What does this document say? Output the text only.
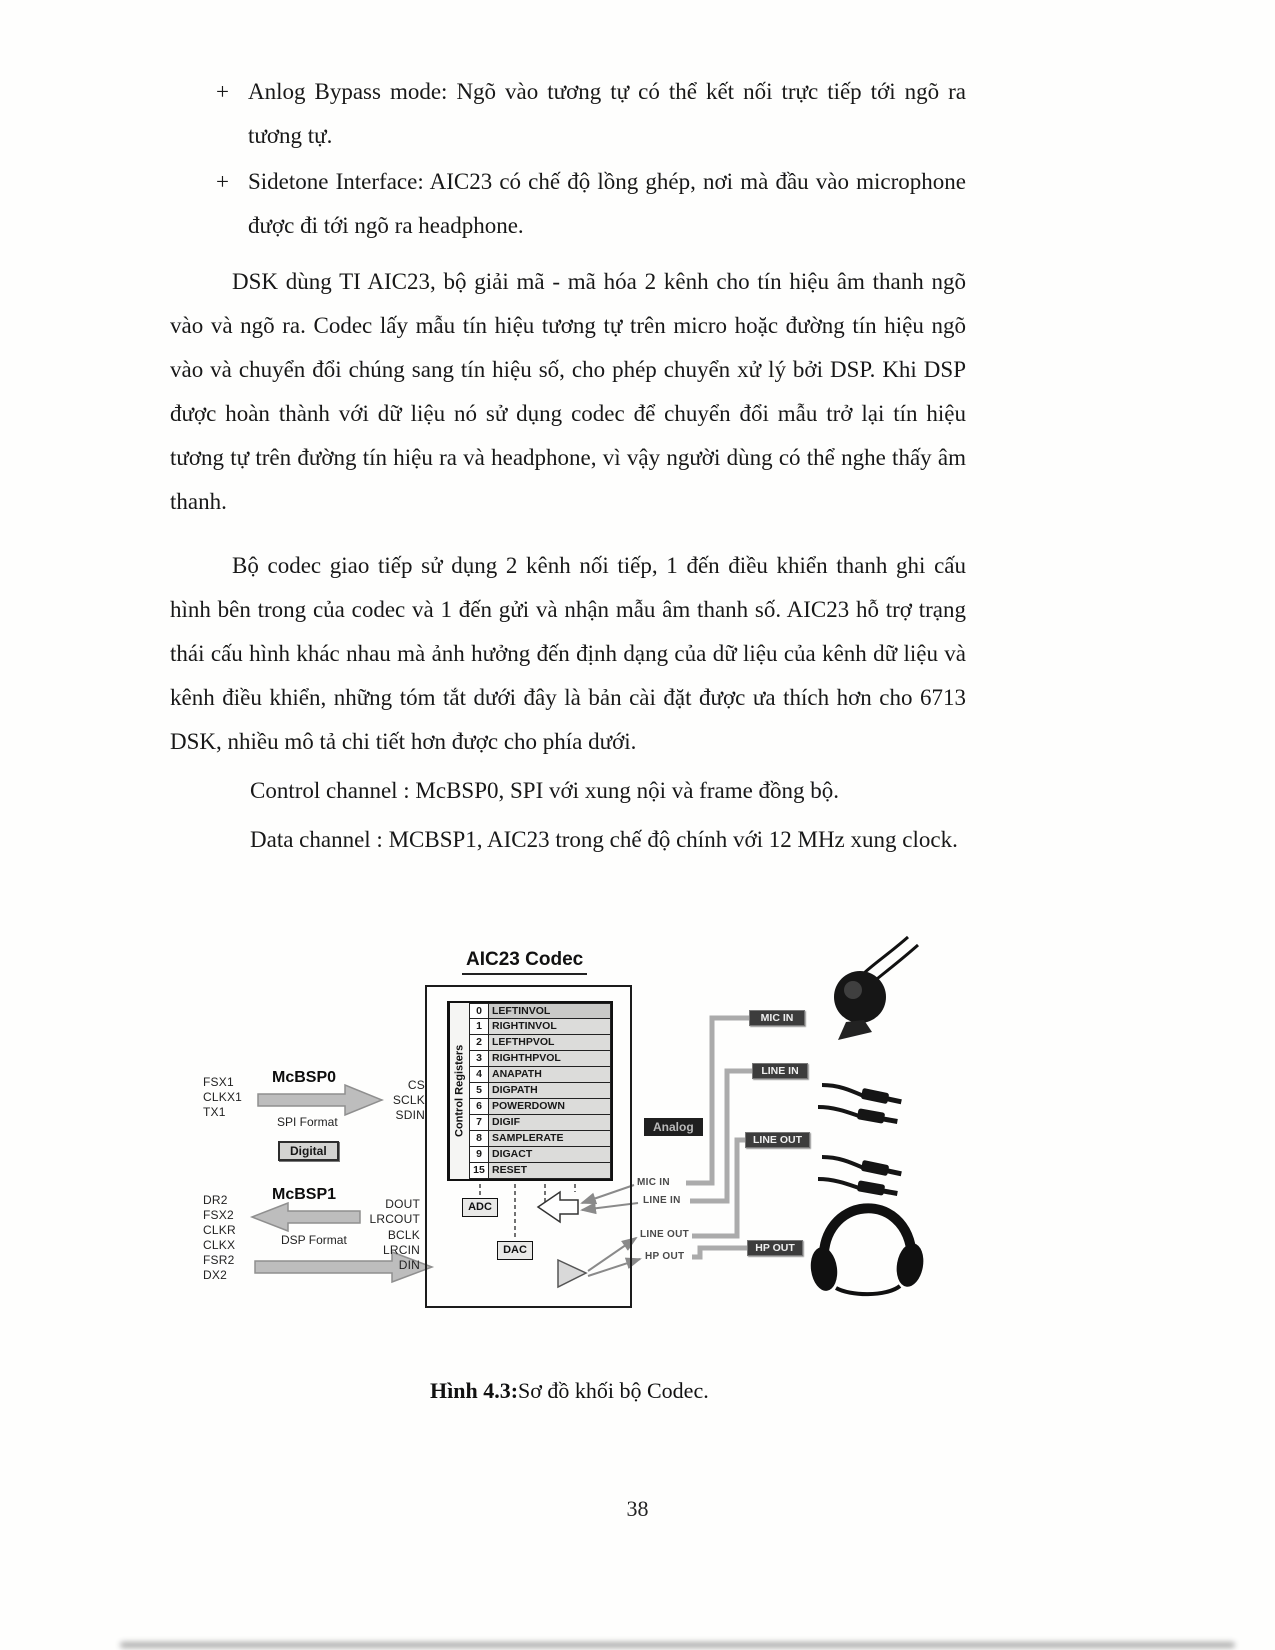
+ Anlog Bypass mode: Ngõ vào tương tự có thể kết nối trực tiếp tới ngõ ra tương tự.
+ Sidetone Interface: AIC23 có chế độ lồng ghép, nơi mà đầu vào microphone được đi tới ngõ ra headphone.

DSK dùng TI AIC23, bộ giải mã - mã hóa 2 kênh cho tín hiệu âm thanh ngõ vào và ngõ ra. Codec lấy mẫu tín hiệu tương tự trên micro hoặc đường tín hiệu ngõ vào và chuyển đổi chúng sang tín hiệu số, cho phép chuyển xử lý bởi DSP. Khi DSP được hoàn thành với dữ liệu nó sử dụng codec để chuyển đổi mẫu trở lại tín hiệu tương tự trên đường tín hiệu ra và headphone, vì vậy người dùng có thể nghe thấy âm thanh.

Bộ codec giao tiếp sử dụng 2 kênh nối tiếp, 1 đến điều khiển thanh ghi cấu hình bên trong của codec và 1 đến gửi và nhận mẫu âm thanh số. AIC23 hỗ trợ trạng thái cấu hình khác nhau mà ảnh hưởng đến định dạng của dữ liệu của kênh dữ liệu và kênh điều khiển, những tóm tắt dưới đây là bản cài đặt được ưa thích hơn cho 6713 DSK, nhiều mô tả chi tiết hơn được cho phía dưới.

Control channel : McBSP0, SPI với xung nội và frame đồng bộ.

Data channel : MCBSP1, AIC23 trong chế độ chính với 12 MHz xung clock.

AIC23 Codec
Control Registers
0 LEFTINVOL
1 RIGHTINVOL
2 LEFTHPVOL
3 RIGHTHPVOL
4 ANAPATH
5 DIGPATH
6 POWERDOWN
7 DIGIF
8 SAMPLERATE
9 DIGACT
15 RESET
ADC
DAC
McBSP0
FSX1
CLKX1
TX1
CS
SCLK
SDIN
SPI Format
Digital
McBSP1
DR2
FSX2
CLKR
CLKX
FSR2
DX2
DSP Format
DOUT
LRCOUT
BCLK
LRCIN
DIN
Analog
MIC IN
LINE IN
LINE OUT
HP OUT
MIC IN
LINE IN
LINE OUT
HP OUT
Hình 4.3:Sơ đồ khối bộ Codec.
38
